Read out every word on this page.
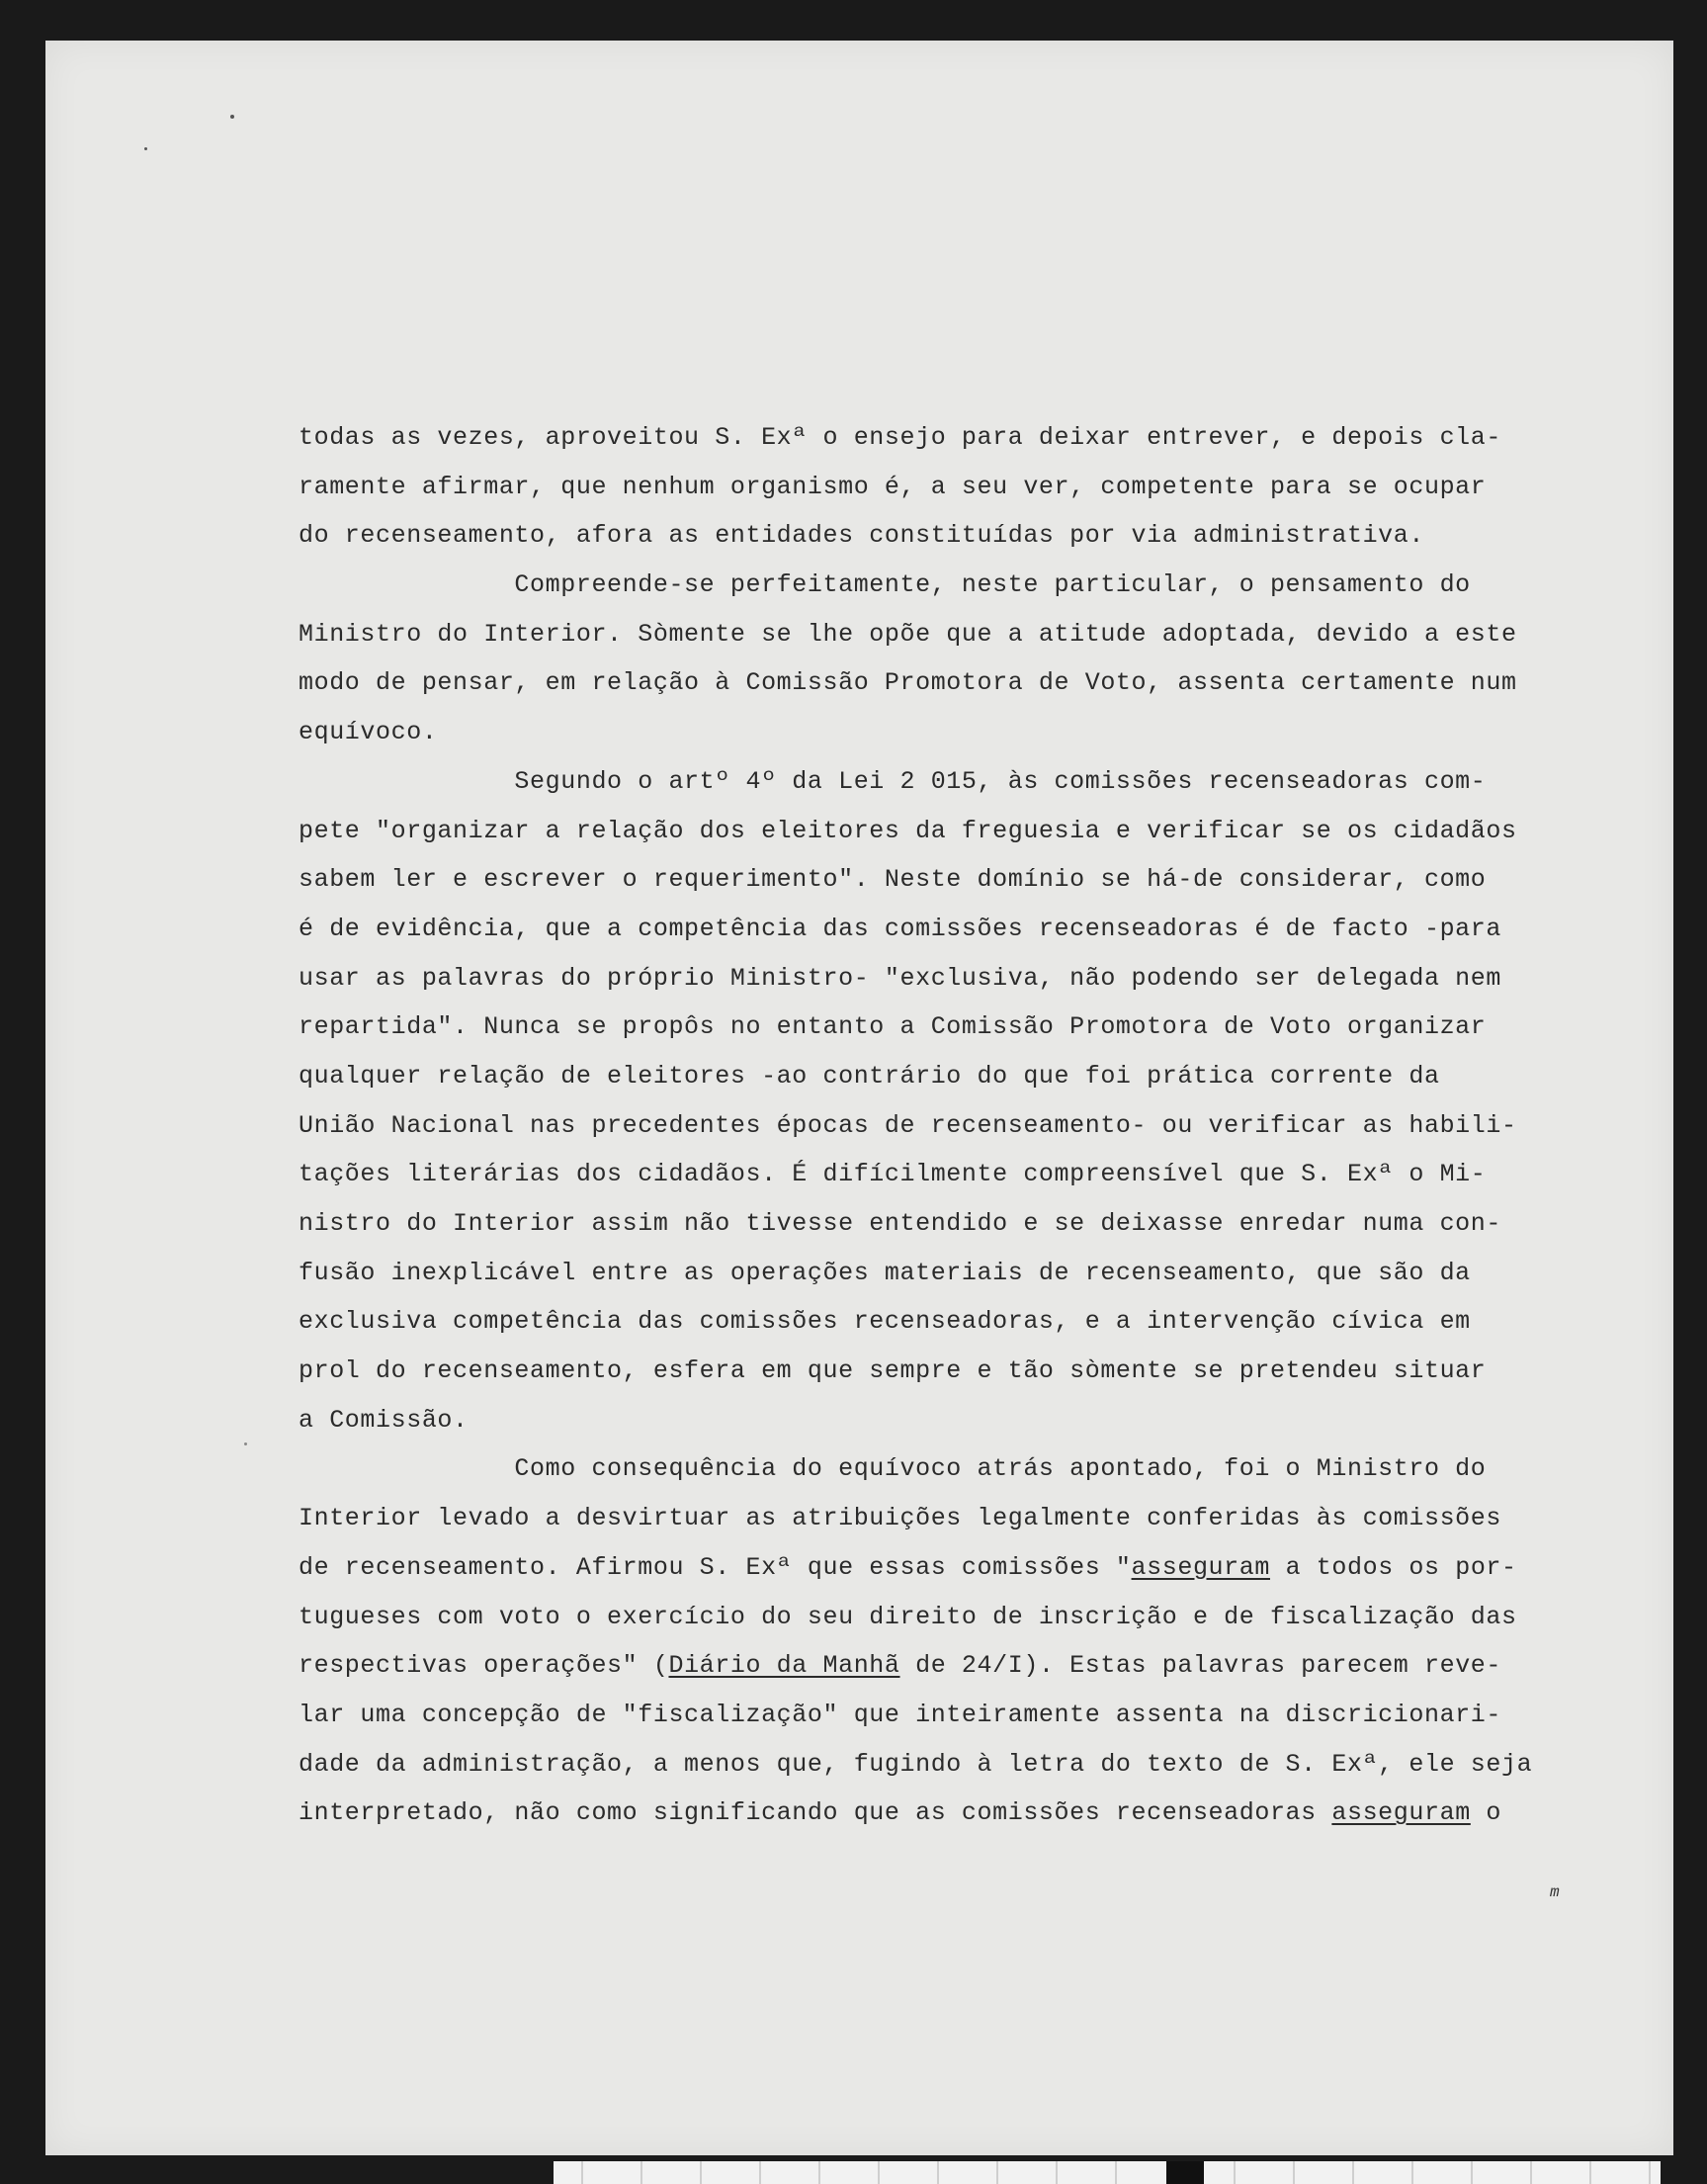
todas as vezes, aproveitou S. Exª o ensejo para deixar entrever, e depois cla-
ramente afirmar, que nenhum organismo é, a seu ver, competente para se ocupar
do recenseamento, afora as entidades constituídas por via administrativa.
Compreende-se perfeitamente, neste particular, o pensamento do
Ministro do Interior. Sòmente se lhe opõe que a atitude adoptada, devido a este
modo de pensar, em relação à Comissão Promotora de Voto, assenta certamente num
equívoco.
Segundo o artº 4º da Lei 2 015, às comissões recenseadoras com-
pete "organizar a relação dos eleitores da freguesia e verificar se os cidadãos
sabem ler e escrever o requerimento". Neste domínio se há-de considerar, como
é de evidência, que a competência das comissões recenseadoras é de facto -para
usar as palavras do próprio Ministro- "exclusiva, não podendo ser delegada nem
repartida". Nunca se propôs no entanto a Comissão Promotora de Voto organizar
qualquer relação de eleitores -ao contrário do que foi prática corrente da
União Nacional nas precedentes épocas de recenseamento- ou verificar as habili-
tações literárias dos cidadãos. É difícilmente compreensível que S. Exª o Mi-
nistro do Interior assim não tivesse entendido e se deixasse enredar numa con-
fusão inexplicável entre as operações materiais de recenseamento, que são da
exclusiva competência das comissões recenseadoras, e a intervenção cívica em
prol do recenseamento, esfera em que sempre e tão sòmente se pretendeu situar
a Comissão.
Como consequência do equívoco atrás apontado, foi o Ministro do
Interior levado a desvirtuar as atribuições legalmente conferidas às comissões
de recenseamento. Afirmou S. Exª que essas comissões "asseguram a todos os por-
tugueses com voto o exercício do seu direito de inscrição e de fiscalização das
respectivas operações" (Diário da Manhã de 24/I). Estas palavras parecem reve-
lar uma concepção de "fiscalização" que inteiramente assenta na discricionari-
dade da administração, a menos que, fugindo à letra do texto de S. Exª, ele seja
interpretado, não como significando que as comissões recenseadoras asseguram o
m
